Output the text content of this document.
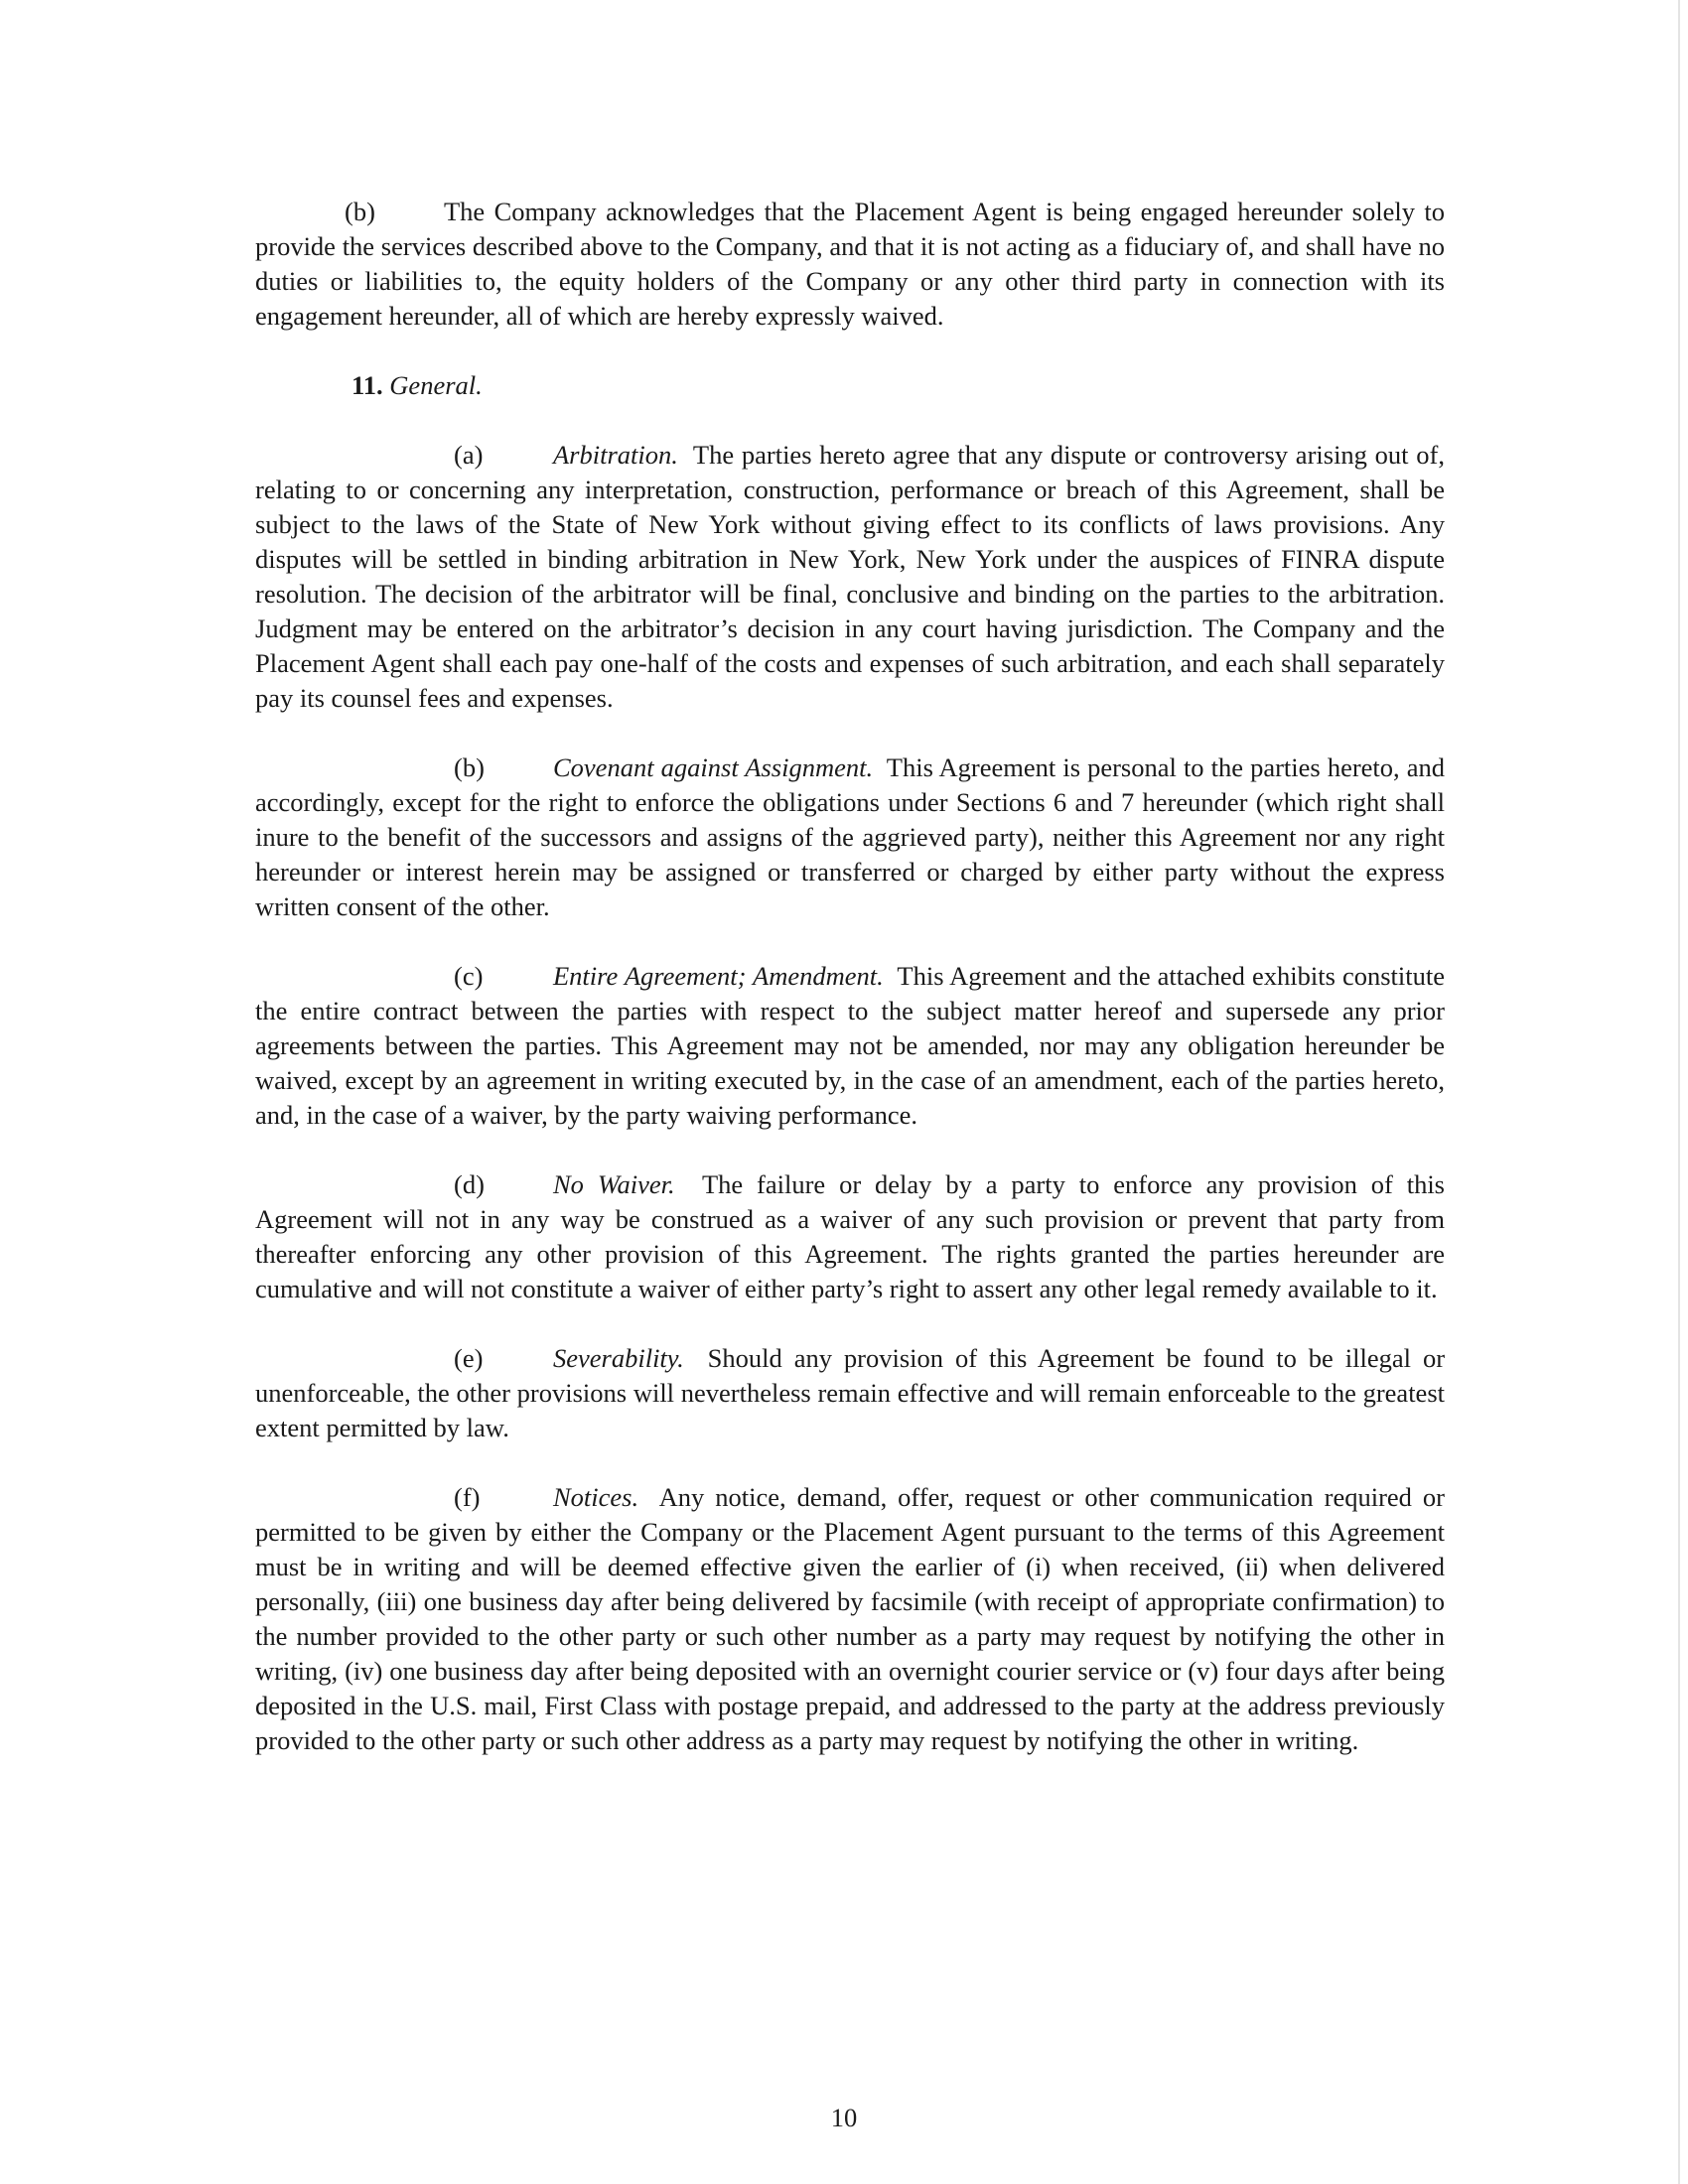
(b)	The Company acknowledges that the Placement Agent is being engaged hereunder solely to provide the services described above to the Company, and that it is not acting as a fiduciary of, and shall have no duties or liabilities to, the equity holders of the Company or any other third party in connection with its engagement hereunder, all of which are hereby expressly waived.

11. General.

(a)	Arbitration. The parties hereto agree that any dispute or controversy arising out of, relating to or concerning any interpretation, construction, performance or breach of this Agreement, shall be subject to the laws of the State of New York without giving effect to its conflicts of laws provisions. Any disputes will be settled in binding arbitration in New York, New York under the auspices of FINRA dispute resolution. The decision of the arbitrator will be final, conclusive and binding on the parties to the arbitration. Judgment may be entered on the arbitrator’s decision in any court having jurisdiction. The Company and the Placement Agent shall each pay one-half of the costs and expenses of such arbitration, and each shall separately pay its counsel fees and expenses.

(b)	Covenant against Assignment. This Agreement is personal to the parties hereto, and accordingly, except for the right to enforce the obligations under Sections 6 and 7 hereunder (which right shall inure to the benefit of the successors and assigns of the aggrieved party), neither this Agreement nor any right hereunder or interest herein may be assigned or transferred or charged by either party without the express written consent of the other.

(c)	Entire Agreement; Amendment. This Agreement and the attached exhibits constitute the entire contract between the parties with respect to the subject matter hereof and supersede any prior agreements between the parties. This Agreement may not be amended, nor may any obligation hereunder be waived, except by an agreement in writing executed by, in the case of an amendment, each of the parties hereto, and, in the case of a waiver, by the party waiving performance.

(d)	No Waiver. The failure or delay by a party to enforce any provision of this Agreement will not in any way be construed as a waiver of any such provision or prevent that party from thereafter enforcing any other provision of this Agreement. The rights granted the parties hereunder are cumulative and will not constitute a waiver of either party’s right to assert any other legal remedy available to it.

(e)	Severability. Should any provision of this Agreement be found to be illegal or unenforceable, the other provisions will nevertheless remain effective and will remain enforceable to the greatest extent permitted by law.

(f)	Notices. Any notice, demand, offer, request or other communication required or permitted to be given by either the Company or the Placement Agent pursuant to the terms of this Agreement must be in writing and will be deemed effective given the earlier of (i) when received, (ii) when delivered personally, (iii) one business day after being delivered by facsimile (with receipt of appropriate confirmation) to the number provided to the other party or such other number as a party may request by notifying the other in writing, (iv) one business day after being deposited with an overnight courier service or (v) four days after being deposited in the U.S. mail, First Class with postage prepaid, and addressed to the party at the address previously provided to the other party or such other address as a party may request by notifying the other in writing.

10
